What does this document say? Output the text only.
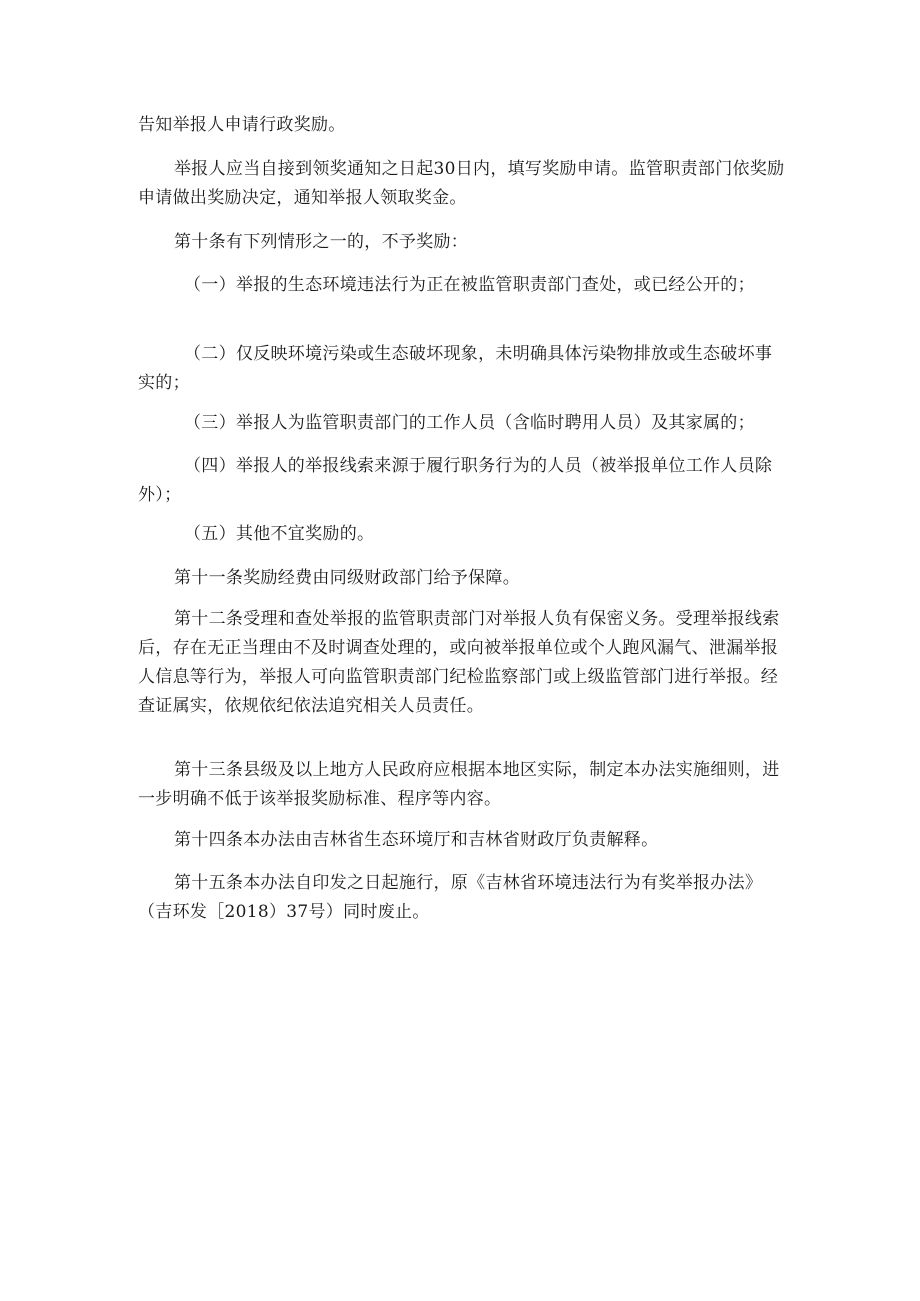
告知举报人申请行政奖励。

举报人应当自接到领奖通知之日起30日内，填写奖励申请。监管职责部门依奖励申请做出奖励决定，通知举报人领取奖金。

第十条有下列情形之一的，不予奖励：

（一）举报的生态环境违法行为正在被监管职责部门查处，或已经公开的；

（二）仅反映环境污染或生态破坏现象，未明确具体污染物排放或生态破坏事实的；

（三）举报人为监管职责部门的工作人员（含临时聘用人员）及其家属的；

（四）举报人的举报线索来源于履行职务行为的人员（被举报单位工作人员除外）；

（五）其他不宜奖励的。

第十一条奖励经费由同级财政部门给予保障。

第十二条受理和查处举报的监管职责部门对举报人负有保密义务。受理举报线索后，存在无正当理由不及时调查处理的，或向被举报单位或个人跑风漏气、泄漏举报人信息等行为，举报人可向监管职责部门纪检监察部门或上级监管部门进行举报。经查证属实，依规依纪依法追究相关人员责任。

第十三条县级及以上地方人民政府应根据本地区实际，制定本办法实施细则，进一步明确不低于该举报奖励标准、程序等内容。

第十四条本办法由吉林省生态环境厅和吉林省财政厅负责解释。

第十五条本办法自印发之日起施行，原《吉林省环境违法行为有奖举报办法》（吉环发［2018）37号）同时废止。
